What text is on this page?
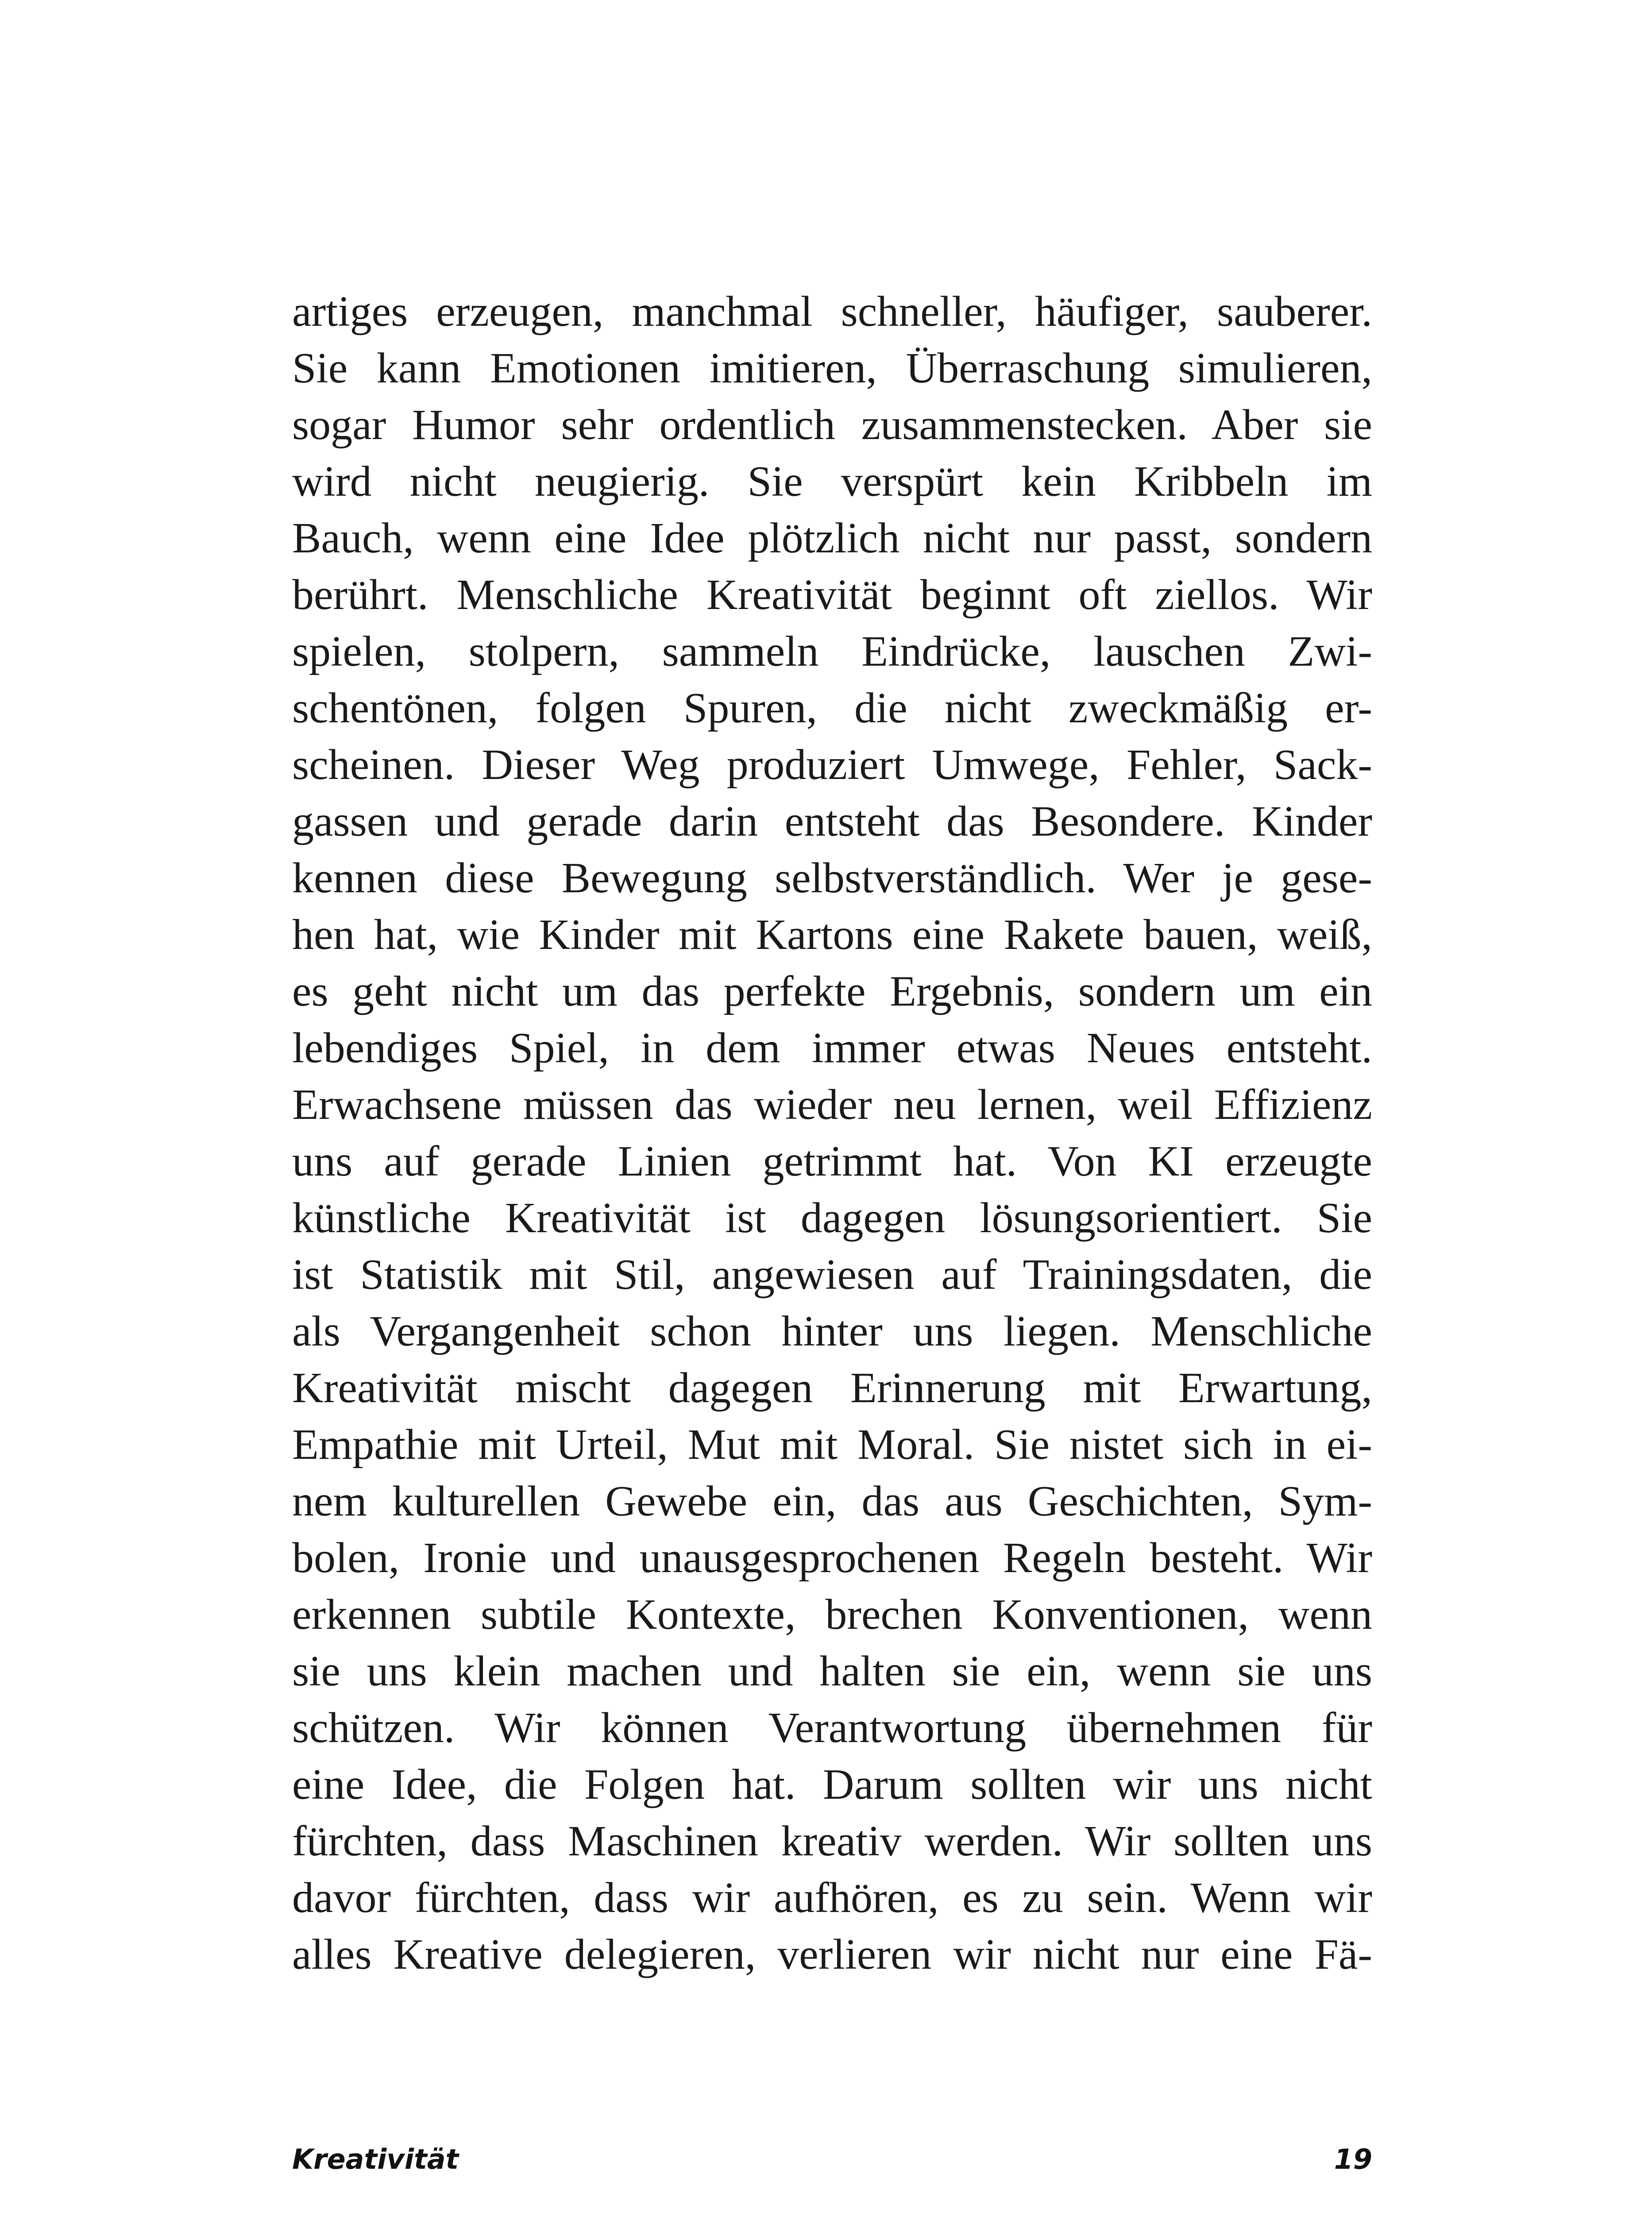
artiges erzeugen, manchmal schneller, häufiger, sauberer.
Sie kann Emotionen imitieren, Überraschung simulieren,
sogar Humor sehr ordentlich zusammenstecken. Aber sie
wird nicht neugierig. Sie verspürt kein Kribbeln im
Bauch, wenn eine Idee plötzlich nicht nur passt, sondern
berührt. Menschliche Kreativität beginnt oft ziellos. Wir
spielen, stolpern, sammeln Eindrücke, lauschen Zwi-
schentönen, folgen Spuren, die nicht zweckmäßig er-
scheinen. Dieser Weg produziert Umwege, Fehler, Sack-
gassen und gerade darin entsteht das Besondere. Kinder
kennen diese Bewegung selbstverständlich. Wer je gese-
hen hat, wie Kinder mit Kartons eine Rakete bauen, weiß,
es geht nicht um das perfekte Ergebnis, sondern um ein
lebendiges Spiel, in dem immer etwas Neues entsteht.
Erwachsene müssen das wieder neu lernen, weil Effizienz
uns auf gerade Linien getrimmt hat. Von KI erzeugte
künstliche Kreativität ist dagegen lösungsorientiert. Sie
ist Statistik mit Stil, angewiesen auf Trainingsdaten, die
als Vergangenheit schon hinter uns liegen. Menschliche
Kreativität mischt dagegen Erinnerung mit Erwartung,
Empathie mit Urteil, Mut mit Moral. Sie nistet sich in ei-
nem kulturellen Gewebe ein, das aus Geschichten, Sym-
bolen, Ironie und unausgesprochenen Regeln besteht. Wir
erkennen subtile Kontexte, brechen Konventionen, wenn
sie uns klein machen und halten sie ein, wenn sie uns
schützen. Wir können Verantwortung übernehmen für
eine Idee, die Folgen hat. Darum sollten wir uns nicht
fürchten, dass Maschinen kreativ werden. Wir sollten uns
davor fürchten, dass wir aufhören, es zu sein. Wenn wir
alles Kreative delegieren, verlieren wir nicht nur eine Fä-
Kreativität	19
